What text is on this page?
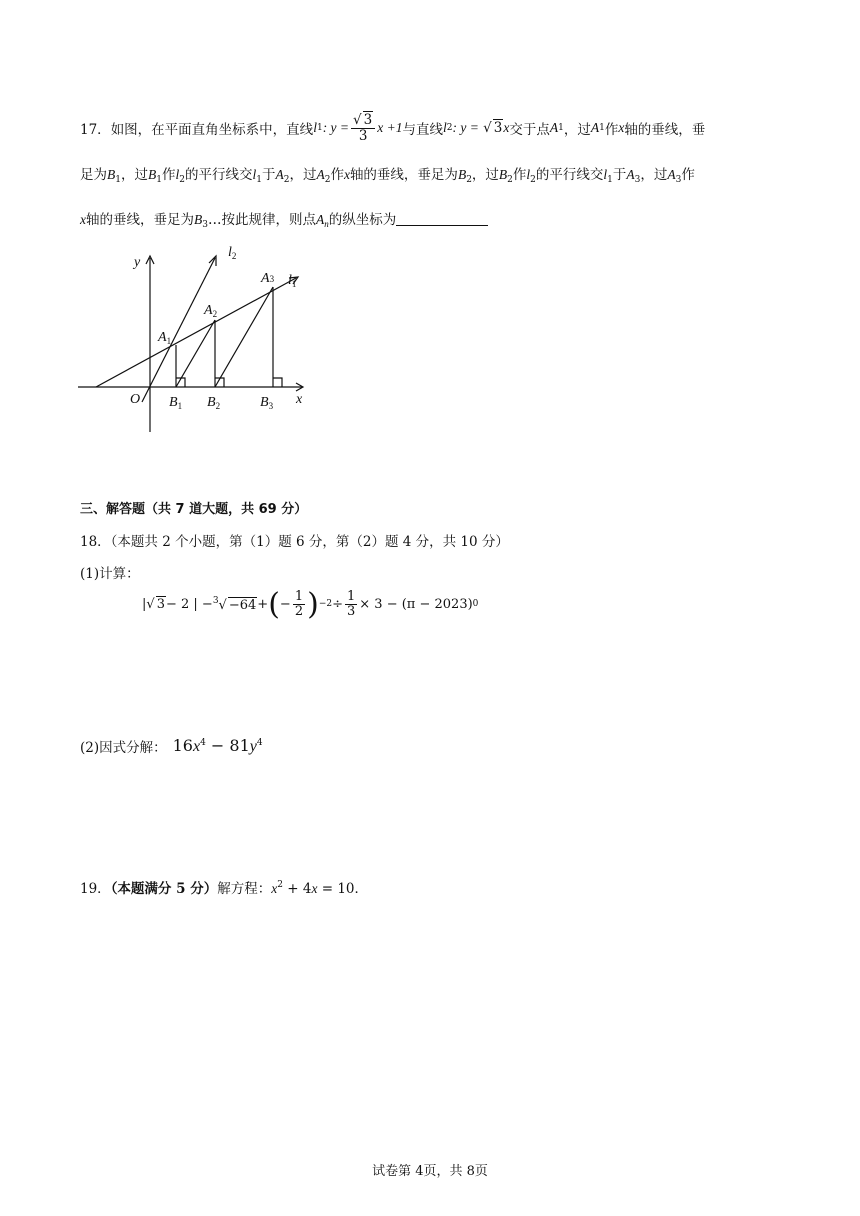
17． 如图，在平面直角坐标系中，直线 l 1 : $y = \frac{√ 3}{3}$ x +1 与直线 l 2 : y = √ 3 x 交于点 A 1 ，过 A 1 作 x 轴的垂线，垂
足为$B_1$，过$B_1$作$l_2$的平行线交$l_1$于$A_2$，过$A_2$作x轴的垂线，垂足为$B_2$，过$B_2$作$l_2$的平行线交$l_1$于$A_3$，过$A_3$作
x轴的垂线，垂足为$B_3\dots$按此规律，则点$A_n$的纵坐标为
y
x
O
$l_2$
$l_1$
$A_1$
$A_2$
A3
$B_1$ $B_2$	$B_3$
三、解答题（共 7 道大题，共 69 分）
18．（本题共 2 个小题，第（1）题 6 分，第（2）题 4 分，共 10 分）
(1)计算：
| √ 3 − 2 | − $^3$√ −64 + ( − $\frac{1}{2}$ ) $-2 \div \frac{1}{3} \times 3 - (\pi - 2023)$ 0
(2)因式分解： $16x^4 - 81y^4$
19．（本题满分 5 分）解方程：$x^2 + 4x = 10$．
试卷第 4页，共 8页
